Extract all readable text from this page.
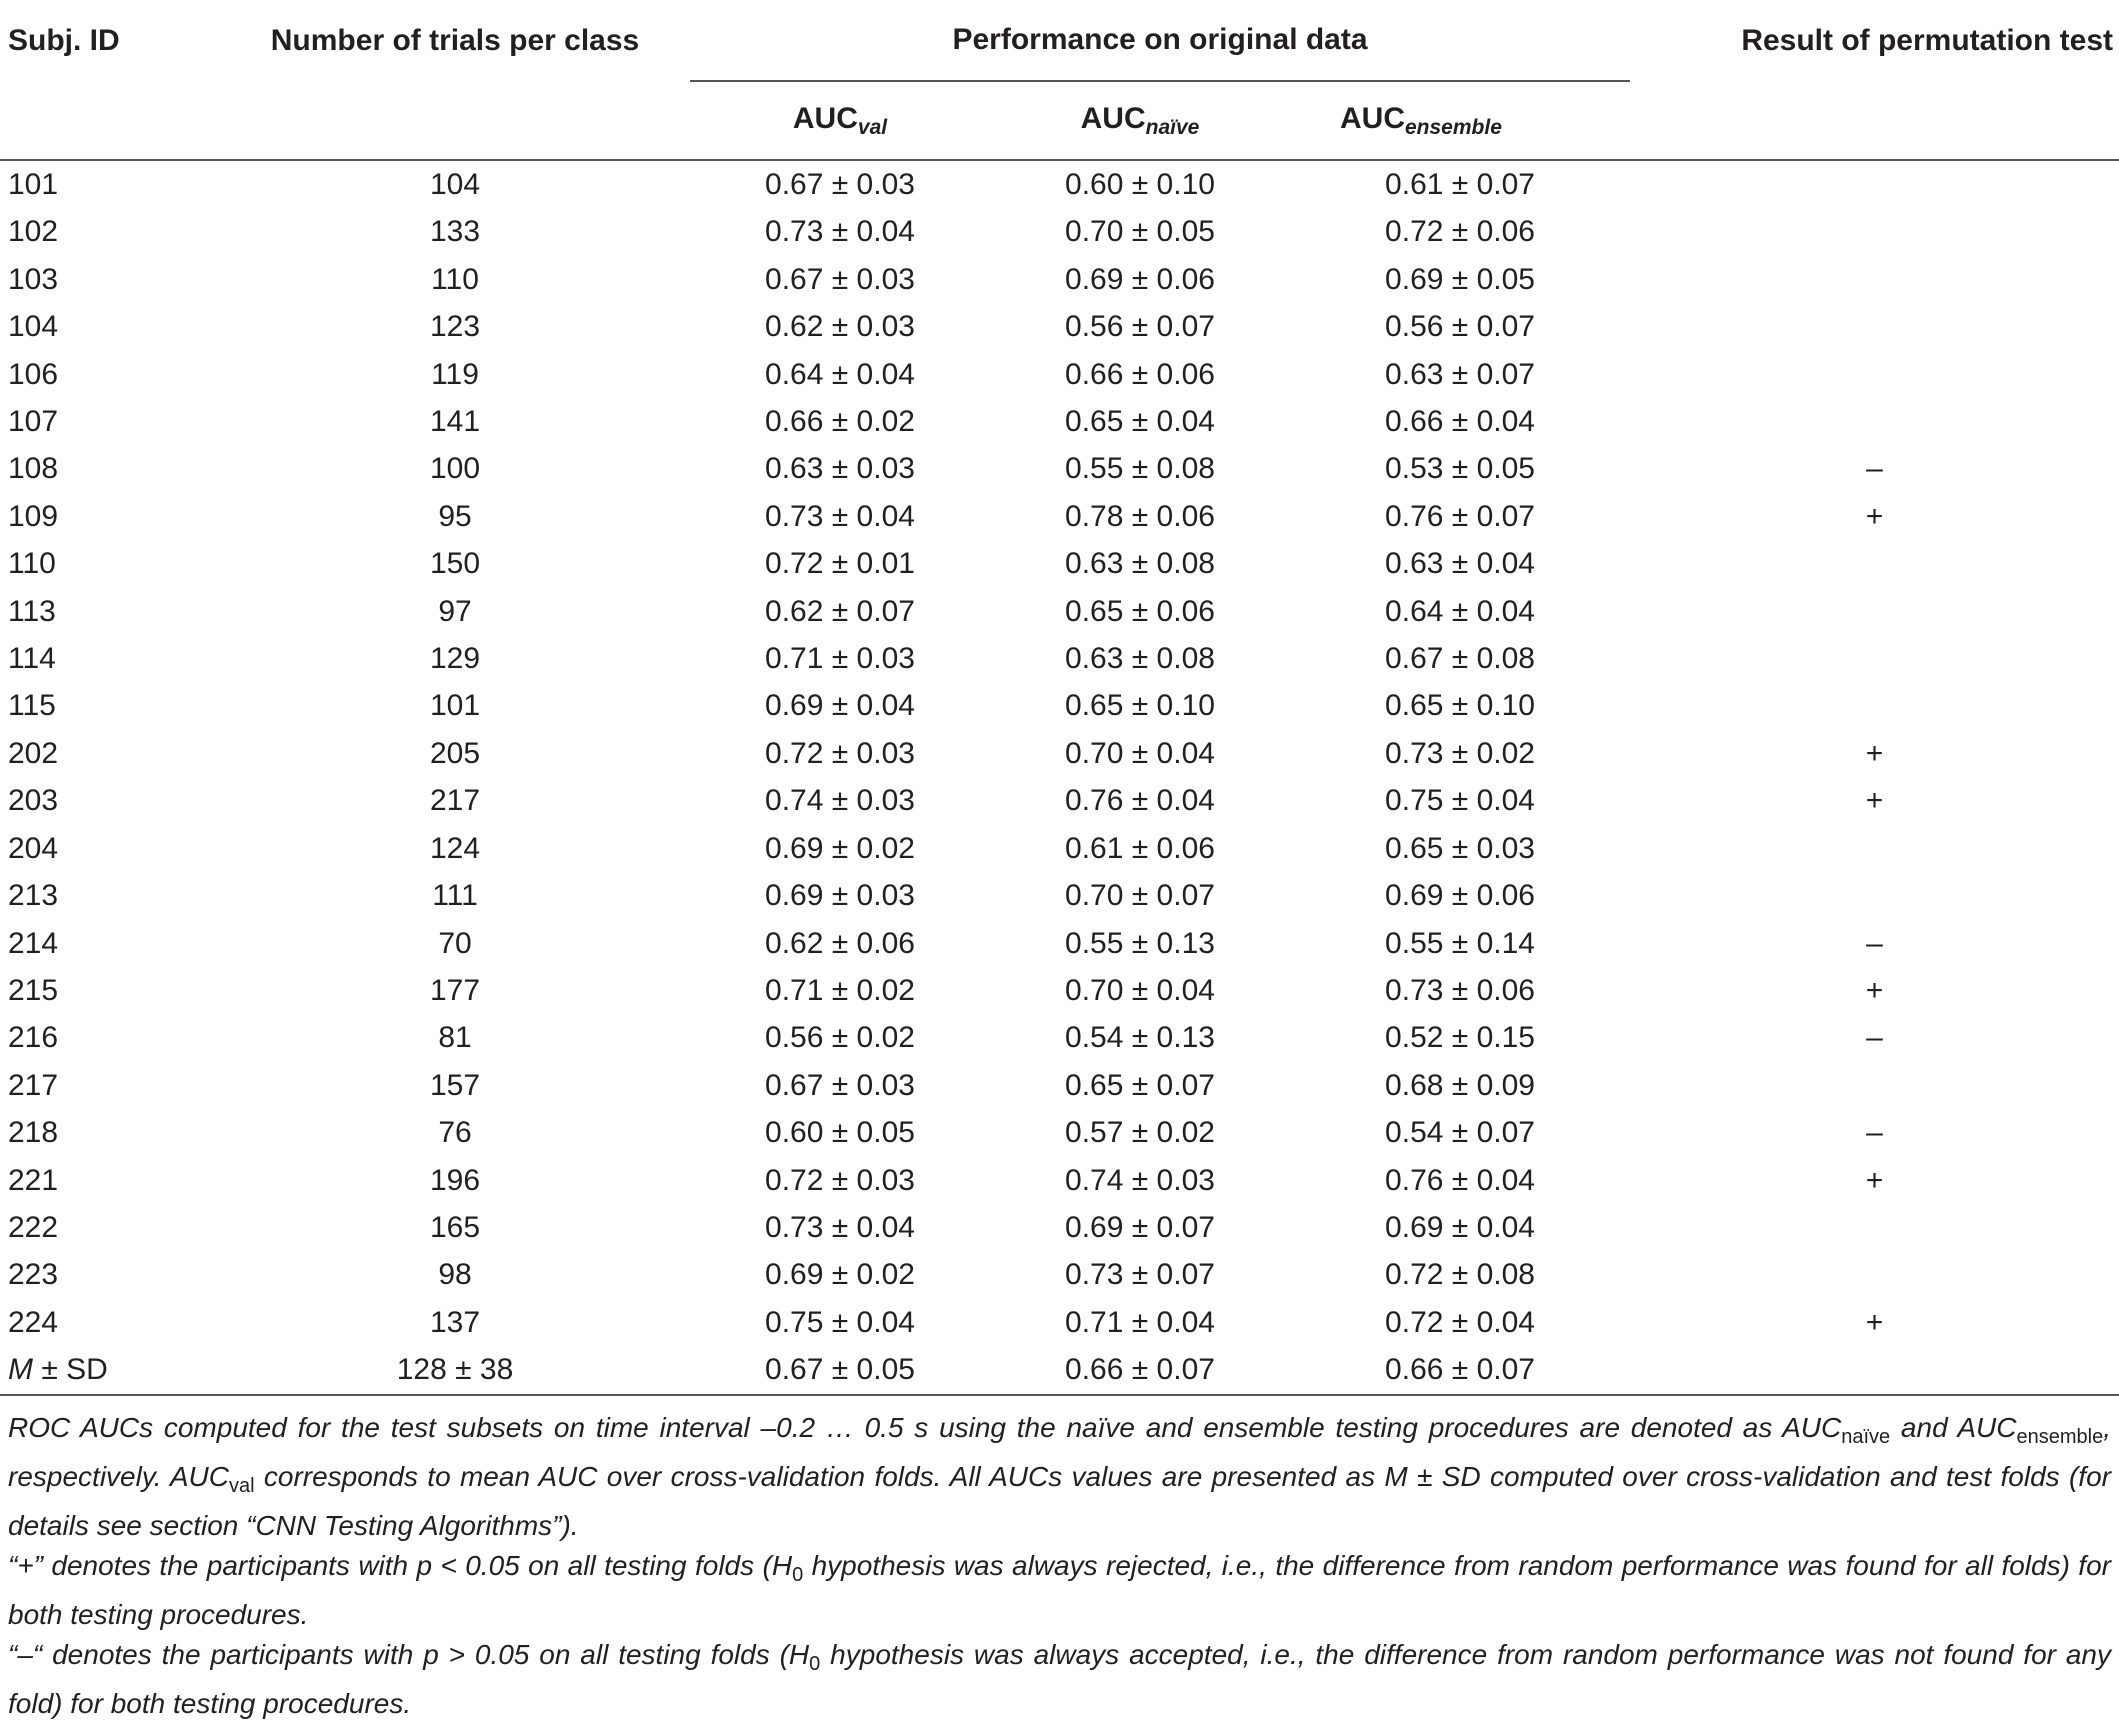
Subj. ID	Number of trials per class	Performance on original data			Result of permutation test
		$AUC_{val}$	$AUC_{naïve}$	$AUC_{ensemble}$	
101	104	0.67 ± 0.03	0.60 ± 0.10	0.61 ± 0.07	
102	133	0.73 ± 0.04	0.70 ± 0.05	0.72 ± 0.06	
103	110	0.67 ± 0.03	0.69 ± 0.06	0.69 ± 0.05	
104	123	0.62 ± 0.03	0.56 ± 0.07	0.56 ± 0.07	
106	119	0.64 ± 0.04	0.66 ± 0.06	0.63 ± 0.07	
107	141	0.66 ± 0.02	0.65 ± 0.04	0.66 ± 0.04	
108	100	0.63 ± 0.03	0.55 ± 0.08	0.53 ± 0.05	–
109	95	0.73 ± 0.04	0.78 ± 0.06	0.76 ± 0.07	+
110	150	0.72 ± 0.01	0.63 ± 0.08	0.63 ± 0.04	
113	97	0.62 ± 0.07	0.65 ± 0.06	0.64 ± 0.04	
114	129	0.71 ± 0.03	0.63 ± 0.08	0.67 ± 0.08	
115	101	0.69 ± 0.04	0.65 ± 0.10	0.65 ± 0.10	
202	205	0.72 ± 0.03	0.70 ± 0.04	0.73 ± 0.02	+
203	217	0.74 ± 0.03	0.76 ± 0.04	0.75 ± 0.04	+
204	124	0.69 ± 0.02	0.61 ± 0.06	0.65 ± 0.03	
213	111	0.69 ± 0.03	0.70 ± 0.07	0.69 ± 0.06	
214	70	0.62 ± 0.06	0.55 ± 0.13	0.55 ± 0.14	–
215	177	0.71 ± 0.02	0.70 ± 0.04	0.73 ± 0.06	+
216	81	0.56 ± 0.02	0.54 ± 0.13	0.52 ± 0.15	–
217	157	0.67 ± 0.03	0.65 ± 0.07	0.68 ± 0.09	
218	76	0.60 ± 0.05	0.57 ± 0.02	0.54 ± 0.07	–
221	196	0.72 ± 0.03	0.74 ± 0.03	0.76 ± 0.04	+
222	165	0.73 ± 0.04	0.69 ± 0.07	0.69 ± 0.04	
223	98	0.69 ± 0.02	0.73 ± 0.07	0.72 ± 0.08	
224	137	0.75 ± 0.04	0.71 ± 0.04	0.72 ± 0.04	+
M ± SD	128 ± 38	0.67 ± 0.05	0.66 ± 0.07	0.66 ± 0.07	

ROC AUCs computed for the test subsets on time interval –0.2 … 0.5 s using the naïve and ensemble testing procedures are denoted as $AUC_{naïve}$ and $AUC_{ensemble}$, respectively. $AUC_{val}$ corresponds to mean AUC over cross-validation folds. All AUCs values are presented as M ± SD computed over cross-validation and test folds (for details see section “CNN Testing Algorithms”).

“+” denotes the participants with p < 0.05 on all testing folds ($H_0$ hypothesis was always rejected, i.e., the difference from random performance was found for all folds) for both testing procedures.

“–“ denotes the participants with p > 0.05 on all testing folds ($H_0$ hypothesis was always accepted, i.e., the difference from random performance was not found for any fold) for both testing procedures.
